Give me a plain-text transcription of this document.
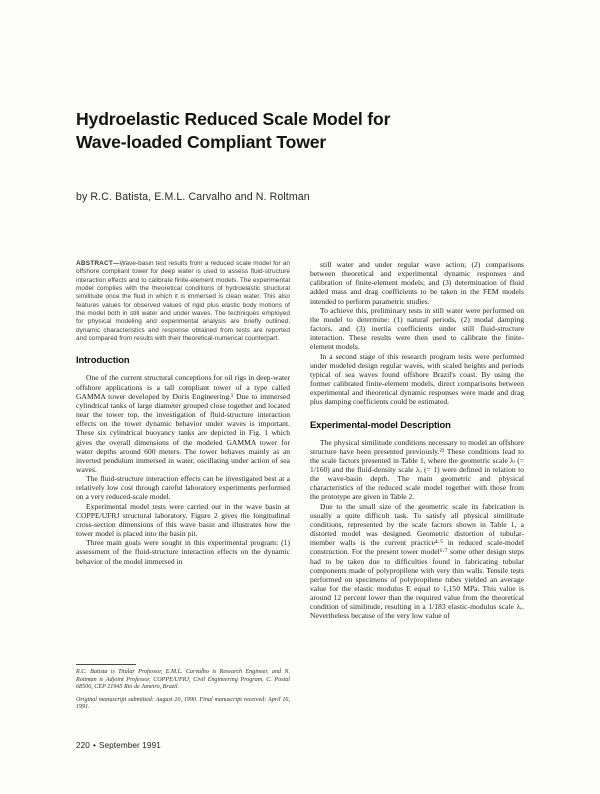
Hydroelastic Reduced Scale Model for
Wave-loaded Compliant Tower

by R.C. Batista, E.M.L. Carvalho and N. Roltman

ABSTRACT—Wave-basin test results from a reduced scale model for an offshore compliant tower for deep water is used to assess fluid-structure interaction effects and to calibrate finite-element models. The experimental model complies with the theoretical conditions of hydroelastic structural similitude once the fluid in which it is immersed is clean water. This also features values for observed values of rigid plus elastic body motions of the model both in still water and under waves. The techniques employed for physical modeling and experimental analysis are briefly outlined; dynamic characteristics and response obtained from tests are reported and compared from results with their theoretical-numerical counterpart.

Introduction

One of the current structural conceptions for oil rigs in deep-water offshore applications is a tall compliant tower of a type called GAMMA tower developed by Doris Engineering.¹ Due to immersed cylindrical tanks of large diameter grouped close together and located near the tower top, the investigation of fluid-structure interaction effects on the tower dynamic behavior under waves is important. These six cylindrical buoyancy tanks are depicted in Fig. 1 which gives the overall dimensions of the modeled GAMMA tower for water depths around 600 meters. The tower behaves mainly as an inverted pendulum immersed in water, oscillating under action of sea waves.

The fluid-structure interaction effects can be investigated best at a relatively low cost through careful laboratory experiments performed on a very reduced-scale model.

Experimental model tests were carried out in the wave basin at COPPE/UFRJ structural laboratory. Figure 2 gives the longitudinal cross-section dimensions of this wave basin and illustrates how the tower model is placed into the basin pit.

Three main goals were sought in this experimental program: (1) assessment of the fluid-structure interaction effects on the dynamic behavior of the model immersed in

still water and under regular wave action; (2) comparisons between theoretical and experimental dynamic responses and calibration of finite-element models; and (3) determination of fluid added mass and drag coefficients to be taken in the FEM models intended to perform parametric studies.

To achieve this, preliminary tests in still water were performed on the model to determine: (1) natural periods, (2) modal damping factors, and (3) inertia coefficients under still fluid-structure interaction. These results were then used to calibrate the finite-element models.

In a second stage of this research program tests were performed under modeled design regular waves, with scaled heights and periods typical of sea waves found offshore Brazil's coast. By using the former calibrated finite-element models, direct comparisons between experimental and theoretical dynamic responses were made and drag plus damping coefficients could be estimated.

Experimental-model Description

The physical similitude conditions necessary to model an offshore structure have been presented previously.²³ These conditions lead to the scale factors presented in Table 1, where the geometric scale λₗ (= 1/160) and the fluid-density scale λₒ (= 1) were defined in relation to the wave-basin depth. The main geometric and physical characteristics of the reduced scale model together with those from the prototype are given in Table 2.

Due to the small size of the geometric scale its fabrication is usually a quite difficult task. To satisfy all physical similitude conditions, represented by the scale factors shown in Table 1, a distorted model was designed. Geometric distortion of tubular-member walls is the current practice⁴·⁵ in reduced scale-model construction. For the present tower model⁶·⁷ some other design steps had to be taken due to difficulties found in fabricating tubular components made of polypropilene with very thin walls. Tensile tests performed on specimens of polypropilene tubes yielded an average value for the elastic modulus E equal to 1,150 MPa. This value is around 12 percent lower than the required value from the theoretical condition of similitude, resulting in a 1/183 elastic-modulus scale λₑ. Nevertheless because of the very low value of

R.C. Batista is Titular Professor, E.M.L. Carvalho is Research Engineer, and N. Roitman is Adjoint Professor, COPPE/UFRJ, Civil Engineering Program, C. Postal 68506, CEP 21945 Rio de Janeiro, Brazil.

Original manuscript submitted: August 20, 1990. Final manuscript received: April 16, 1991.

220 • September 1991
